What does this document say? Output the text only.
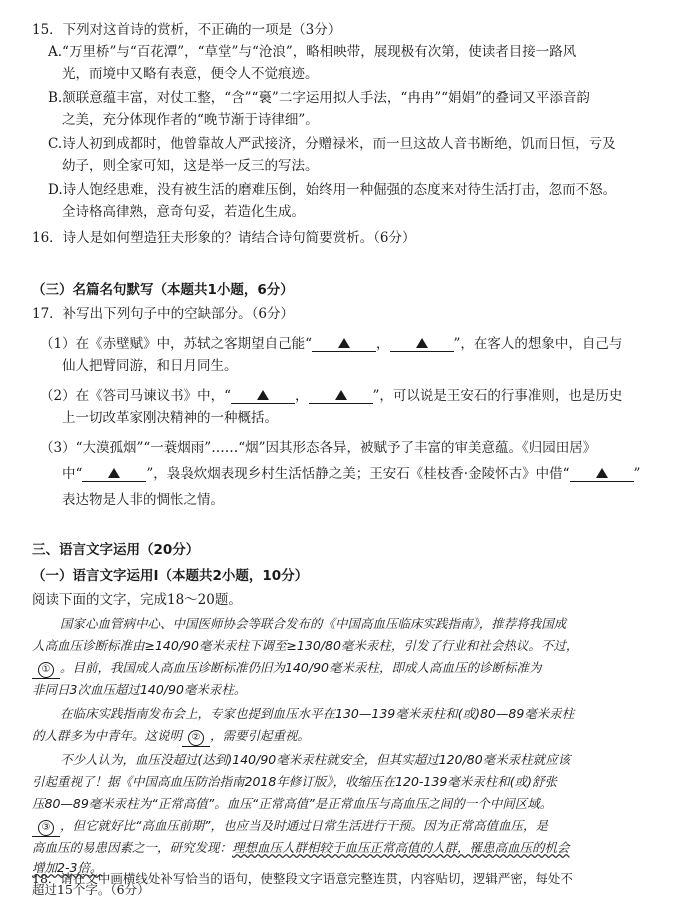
15．下列对这首诗的赏析，不正确的一项是（3分）
A.“万里桥”与“百花潭”，“草堂”与“沧浪”，略相映带，展现极有次第，使读者目接一路风
光，而境中又略有表意，便令人不觉痕迹。
B.颔联意蕴丰富，对仗工整，“含”“裛”二字运用拟人手法，“冉冉”“娟娟”的叠词又平添音韵
之美，充分体现作者的“晚节渐于诗律细”。
C.诗人初到成都时，他曾靠故人严武接济，分赠禄米，而一旦这故人音书断绝，饥而日恒，亏及
幼子，则全家可知，这是举一反三的写法。
D.诗人饱经患难，没有被生活的磨难压倒，始终用一种倔强的态度来对待生活打击，忽而不怒。
全诗格高律熟，意奇句妥，若造化生成。
16．诗人是如何塑造狂夫形象的？请结合诗句简要赏析。（6分）
（三）名篇名句默写（本题共1小题，6分）
17．补写出下列句子中的空缺部分。（6分）
（1）在《赤壁赋》中，苏轼之客期望自己能“	，	”，在客人的想象中，自己与
仙人把臂同游，和日月同生。
（2）在《答司马谏议书》中，“	，	”，可以说是王安石的行事准则，也是历史
上一切改革家刚决精神的一种概括。
（3）“大漠孤烟”“一蓑烟雨”……“烟”因其形态各异，被赋予了丰富的审美意蕴。《归园田居》
中“	”，袅袅炊烟表现乡村生活恬静之美；王安石《桂枝香·金陵怀古》中借“	”
表达物是人非的惆怅之情。
三、语言文字运用（20分）
（一）语言文字运用Ⅰ（本题共2小题，10分）
阅读下面的文字，完成18～20题。
国家心血管病中心、中国医师协会等联合发布的《中国高血压临床实践指南》，推荐将我国成
人高血压诊断标准由≥140/90毫米汞柱下调至≥130/80毫米汞柱，引发了行业和社会热议。不过，
① 。目前，我国成人高血压诊断标准仍旧为140/90毫米汞柱，即成人高血压的诊断标准为
非同日3次血压超过140/90毫米汞柱。
在临床实践指南发布会上，专家也提到血压水平在130—139毫米汞柱和(或)80—89毫米汞柱
的人群多为中青年。这说明 ② ，需要引起重视。
不少人认为，血压没超过(达到)140/90毫米汞柱就安全，但其实超过120/80毫米汞柱就应该
引起重视了！据《中国高血压防治指南2018年修订版》，收缩压在120-139毫米汞柱和(或)舒张
压80—89毫米汞柱为“正常高值”。血压“正常高值”是正常血压与高血压之间的一个中间区域。
③ ，但它就好比“高血压前期”，也应当及时通过日常生活进行干预。因为正常高值血压，是
高血压的易患因素之一，研究发现：理想血压人群相较于血压正常高值的人群，罹患高血压的机会
增加2-3倍。
18．请在文中画横线处补写恰当的语句，使整段文字语意完整连贯，内容贴切，逻辑严密，每处不
超过15个字。（6分）
